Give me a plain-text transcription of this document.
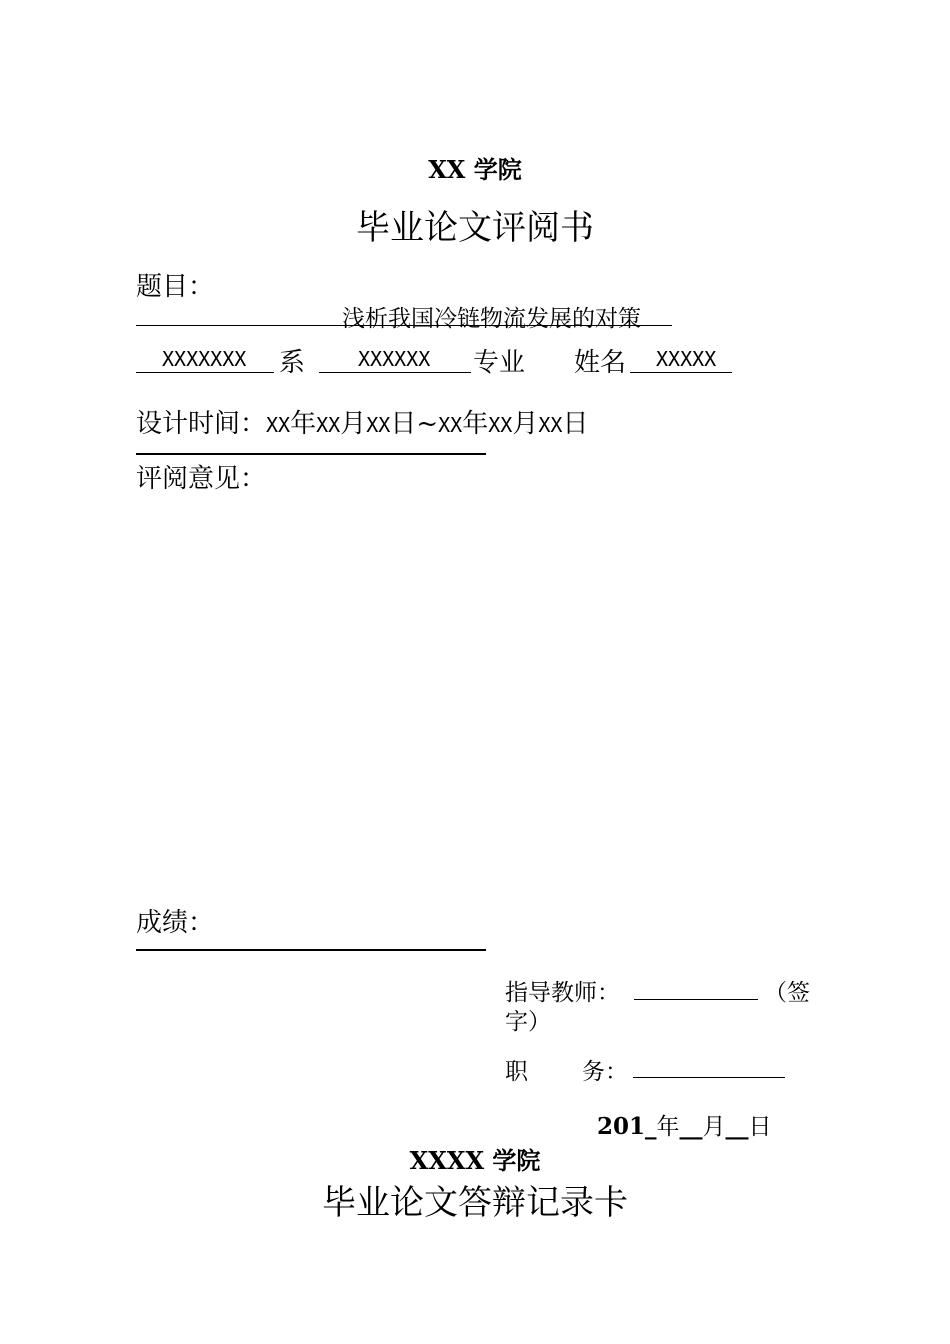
XX 学院
毕业论文评阅书
题目：
浅析我国冷链物流发展的对策
XXXXXXX 系	XXXXXX 专业 姓名 XXXXX
设计时间：XX年XX月XX日~XX年XX月XX日
评阅意见：
成绩：
指导教师：	（签
字）
职 务：
201_年__月__日
XXXX 学院
毕业论文答辩记录卡
